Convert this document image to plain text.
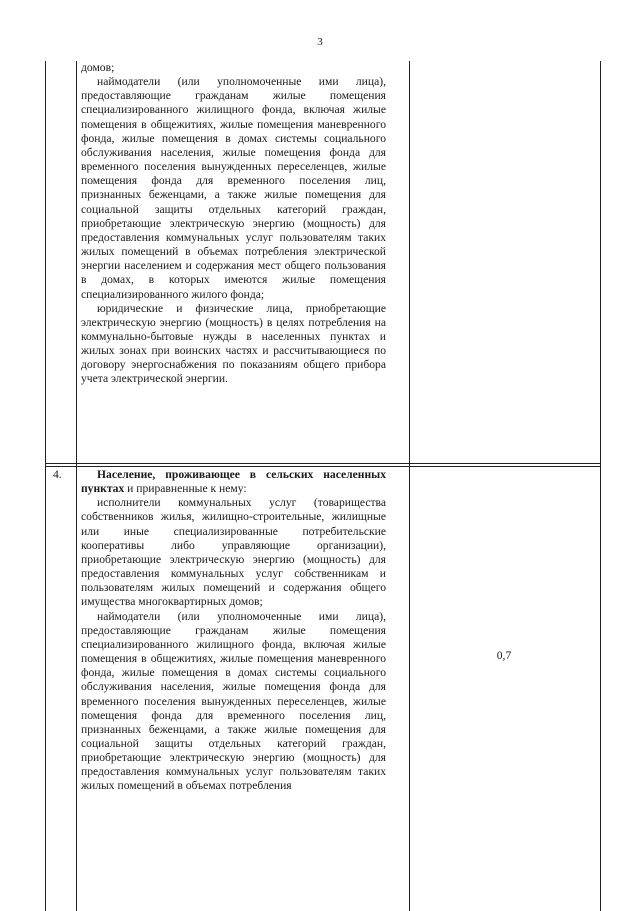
3

домов;

наймодатели (или уполномоченные ими лица), предоставляющие гражданам жилые помещения специализированного жилищного фонда, включая жилые помещения в общежитиях, жилые помещения маневренного фонда, жилые помещения в домах системы социального обслуживания населения, жилые помещения фонда для временного поселения вынужденных переселенцев, жилые помещения фонда для временного поселения лиц, признанных беженцами, а также жилые помещения для социальной защиты отдельных категорий граждан, приобретающие электрическую энергию (мощность) для предоставления коммунальных услуг пользователям таких жилых помещений в объемах потребления электрической энергии населением и содержания мест общего пользования в домах, в которых имеются жилые помещения специализированного жилого фонда;

юридические и физические лица, приобретающие электрическую энергию (мощность) в целях потребления на коммунально-бытовые нужды в населенных пунктах и жилых зонах при воинских частях и рассчитывающиеся по договору энергоснабжения по показаниям общего прибора учета электрической энергии.

4.	Население, проживающее в сельских населенных пунктах и приравненные к нему:

исполнители коммунальных услуг (товарищества собственников жилья, жилищно-строительные, жилищные или иные специализированные потребительские кооперативы либо управляющие организации), приобретающие электрическую энергию (мощность) для предоставления коммунальных услуг собственникам и пользователям жилых помещений и содержания общего имущества многоквартирных домов;

наймодатели (или уполномоченные ими лица), предоставляющие гражданам жилые помещения специализированного жилищного фонда, включая жилые помещения в общежитиях, жилые помещения маневренного фонда, жилые помещения в домах системы социального обслуживания населения, жилые помещения фонда для временного поселения вынужденных переселенцев, жилые помещения фонда для временного поселения лиц, признанных беженцами, а также жилые помещения для социальной защиты отдельных категорий граждан, приобретающие электрическую энергию (мощность) для предоставления коммунальных услуг пользователям таких жилых помещений в объемах потребления

0,7
